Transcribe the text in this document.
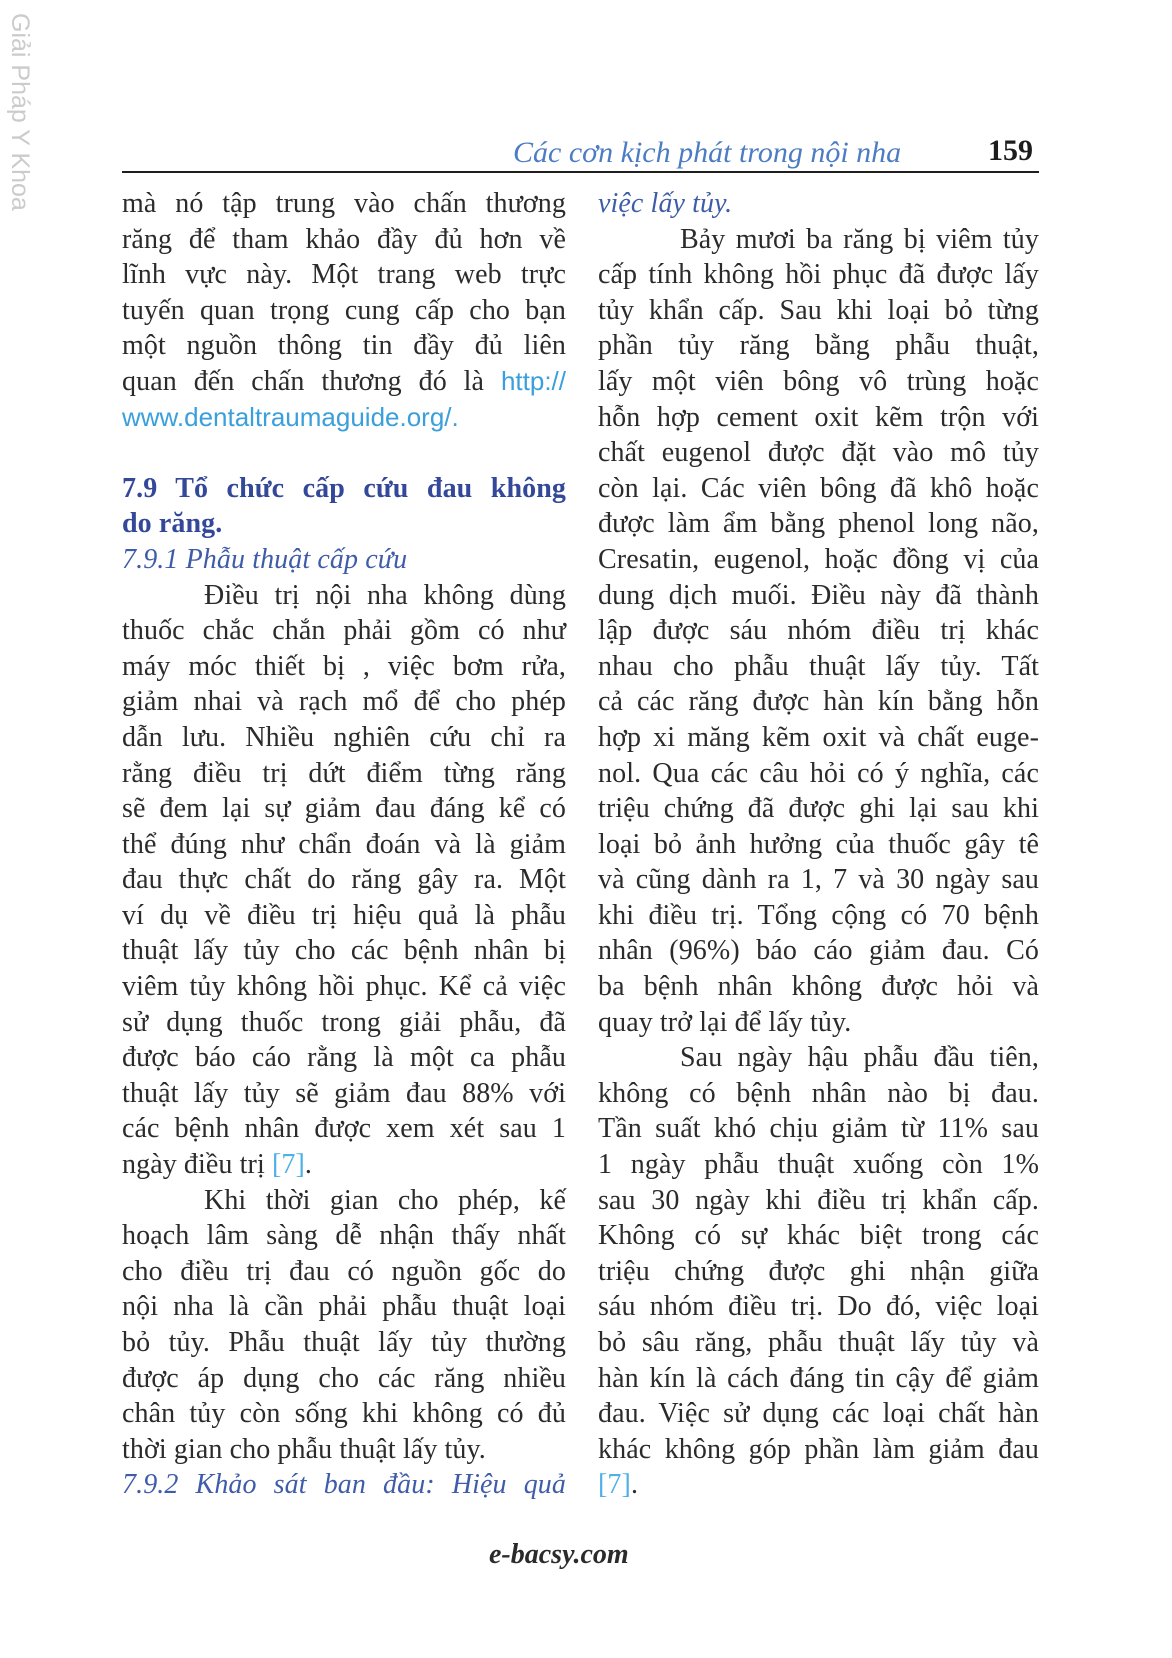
Giải Pháp Y Khoa	Các cơn kịch phát trong nội nha	159
mà nó tập trung vào chấn thương
răng để tham khảo đầy đủ hơn về
lĩnh vực này. Một trang web trực
tuyến quan trọng cung cấp cho bạn
một nguồn thông tin đầy đủ liên
quan đến chấn thương đó là http://
www.dentaltraumaguide.org/.
7.9 Tổ chức cấp cứu đau không
do răng.
7.9.1 Phẫu thuật cấp cứu
Điều trị nội nha không dùng
thuốc chắc chắn phải gồm có như
máy móc thiết bị , việc bơm rửa,
giảm nhai và rạch mổ để cho phép
dẫn lưu. Nhiều nghiên cứu chỉ ra
rằng điều trị dứt điểm từng răng
sẽ đem lại sự giảm đau đáng kể có
thể đúng như chẩn đoán và là giảm
đau thực chất do răng gây ra. Một
ví dụ về điều trị hiệu quả là phẫu
thuật lấy tủy cho các bệnh nhân bị
viêm tủy không hồi phục. Kể cả việc
sử dụng thuốc trong giải phẫu, đã
được báo cáo rằng là một ca phẫu
thuật lấy tủy sẽ giảm đau 88% với
các bệnh nhân được xem xét sau 1
ngày điều trị [7].
Khi thời gian cho phép, kế
hoạch lâm sàng dễ nhận thấy nhất
cho điều trị đau có nguồn gốc do
nội nha là cần phải phẫu thuật loại
bỏ tủy. Phẫu thuật lấy tủy thường
được áp dụng cho các răng nhiều
chân tủy còn sống khi không có đủ
thời gian cho phẫu thuật lấy tủy.
7.9.2 Khảo sát ban đầu: Hiệu quả
việc lấy tủy.
Bảy mươi ba răng bị viêm tủy
cấp tính không hồi phục đã được lấy
tủy khẩn cấp. Sau khi loại bỏ từng
phần tủy răng bằng phẫu thuật,
lấy một viên bông vô trùng hoặc
hỗn hợp cement oxit kẽm trộn với
chất eugenol được đặt vào mô tủy
còn lại. Các viên bông đã khô hoặc
được làm ẩm bằng phenol long não,
Cresatin, eugenol, hoặc đồng vị của
dung dịch muối. Điều này đã thành
lập được sáu nhóm điều trị khác
nhau cho phẫu thuật lấy tủy. Tất
cả các răng được hàn kín bằng hỗn
hợp xi măng kẽm oxit và chất euge-
nol. Qua các câu hỏi có ý nghĩa, các
triệu chứng đã được ghi lại sau khi
loại bỏ ảnh hưởng của thuốc gây tê
và cũng dành ra 1, 7 và 30 ngày sau
khi điều trị. Tổng cộng có 70 bệnh
nhân (96%) báo cáo giảm đau. Có
ba bệnh nhân không được hỏi và
quay trở lại để lấy tủy.
Sau ngày hậu phẫu đầu tiên,
không có bệnh nhân nào bị đau.
Tần suất khó chịu giảm từ 11% sau
1 ngày phẫu thuật xuống còn 1%
sau 30 ngày khi điều trị khẩn cấp.
Không có sự khác biệt trong các
triệu chứng được ghi nhận giữa
sáu nhóm điều trị. Do đó, việc loại
bỏ sâu răng, phẫu thuật lấy tủy và
hàn kín là cách đáng tin cậy để giảm
đau. Việc sử dụng các loại chất hàn
khác không góp phần làm giảm đau
[7].
e-bacsy.com
